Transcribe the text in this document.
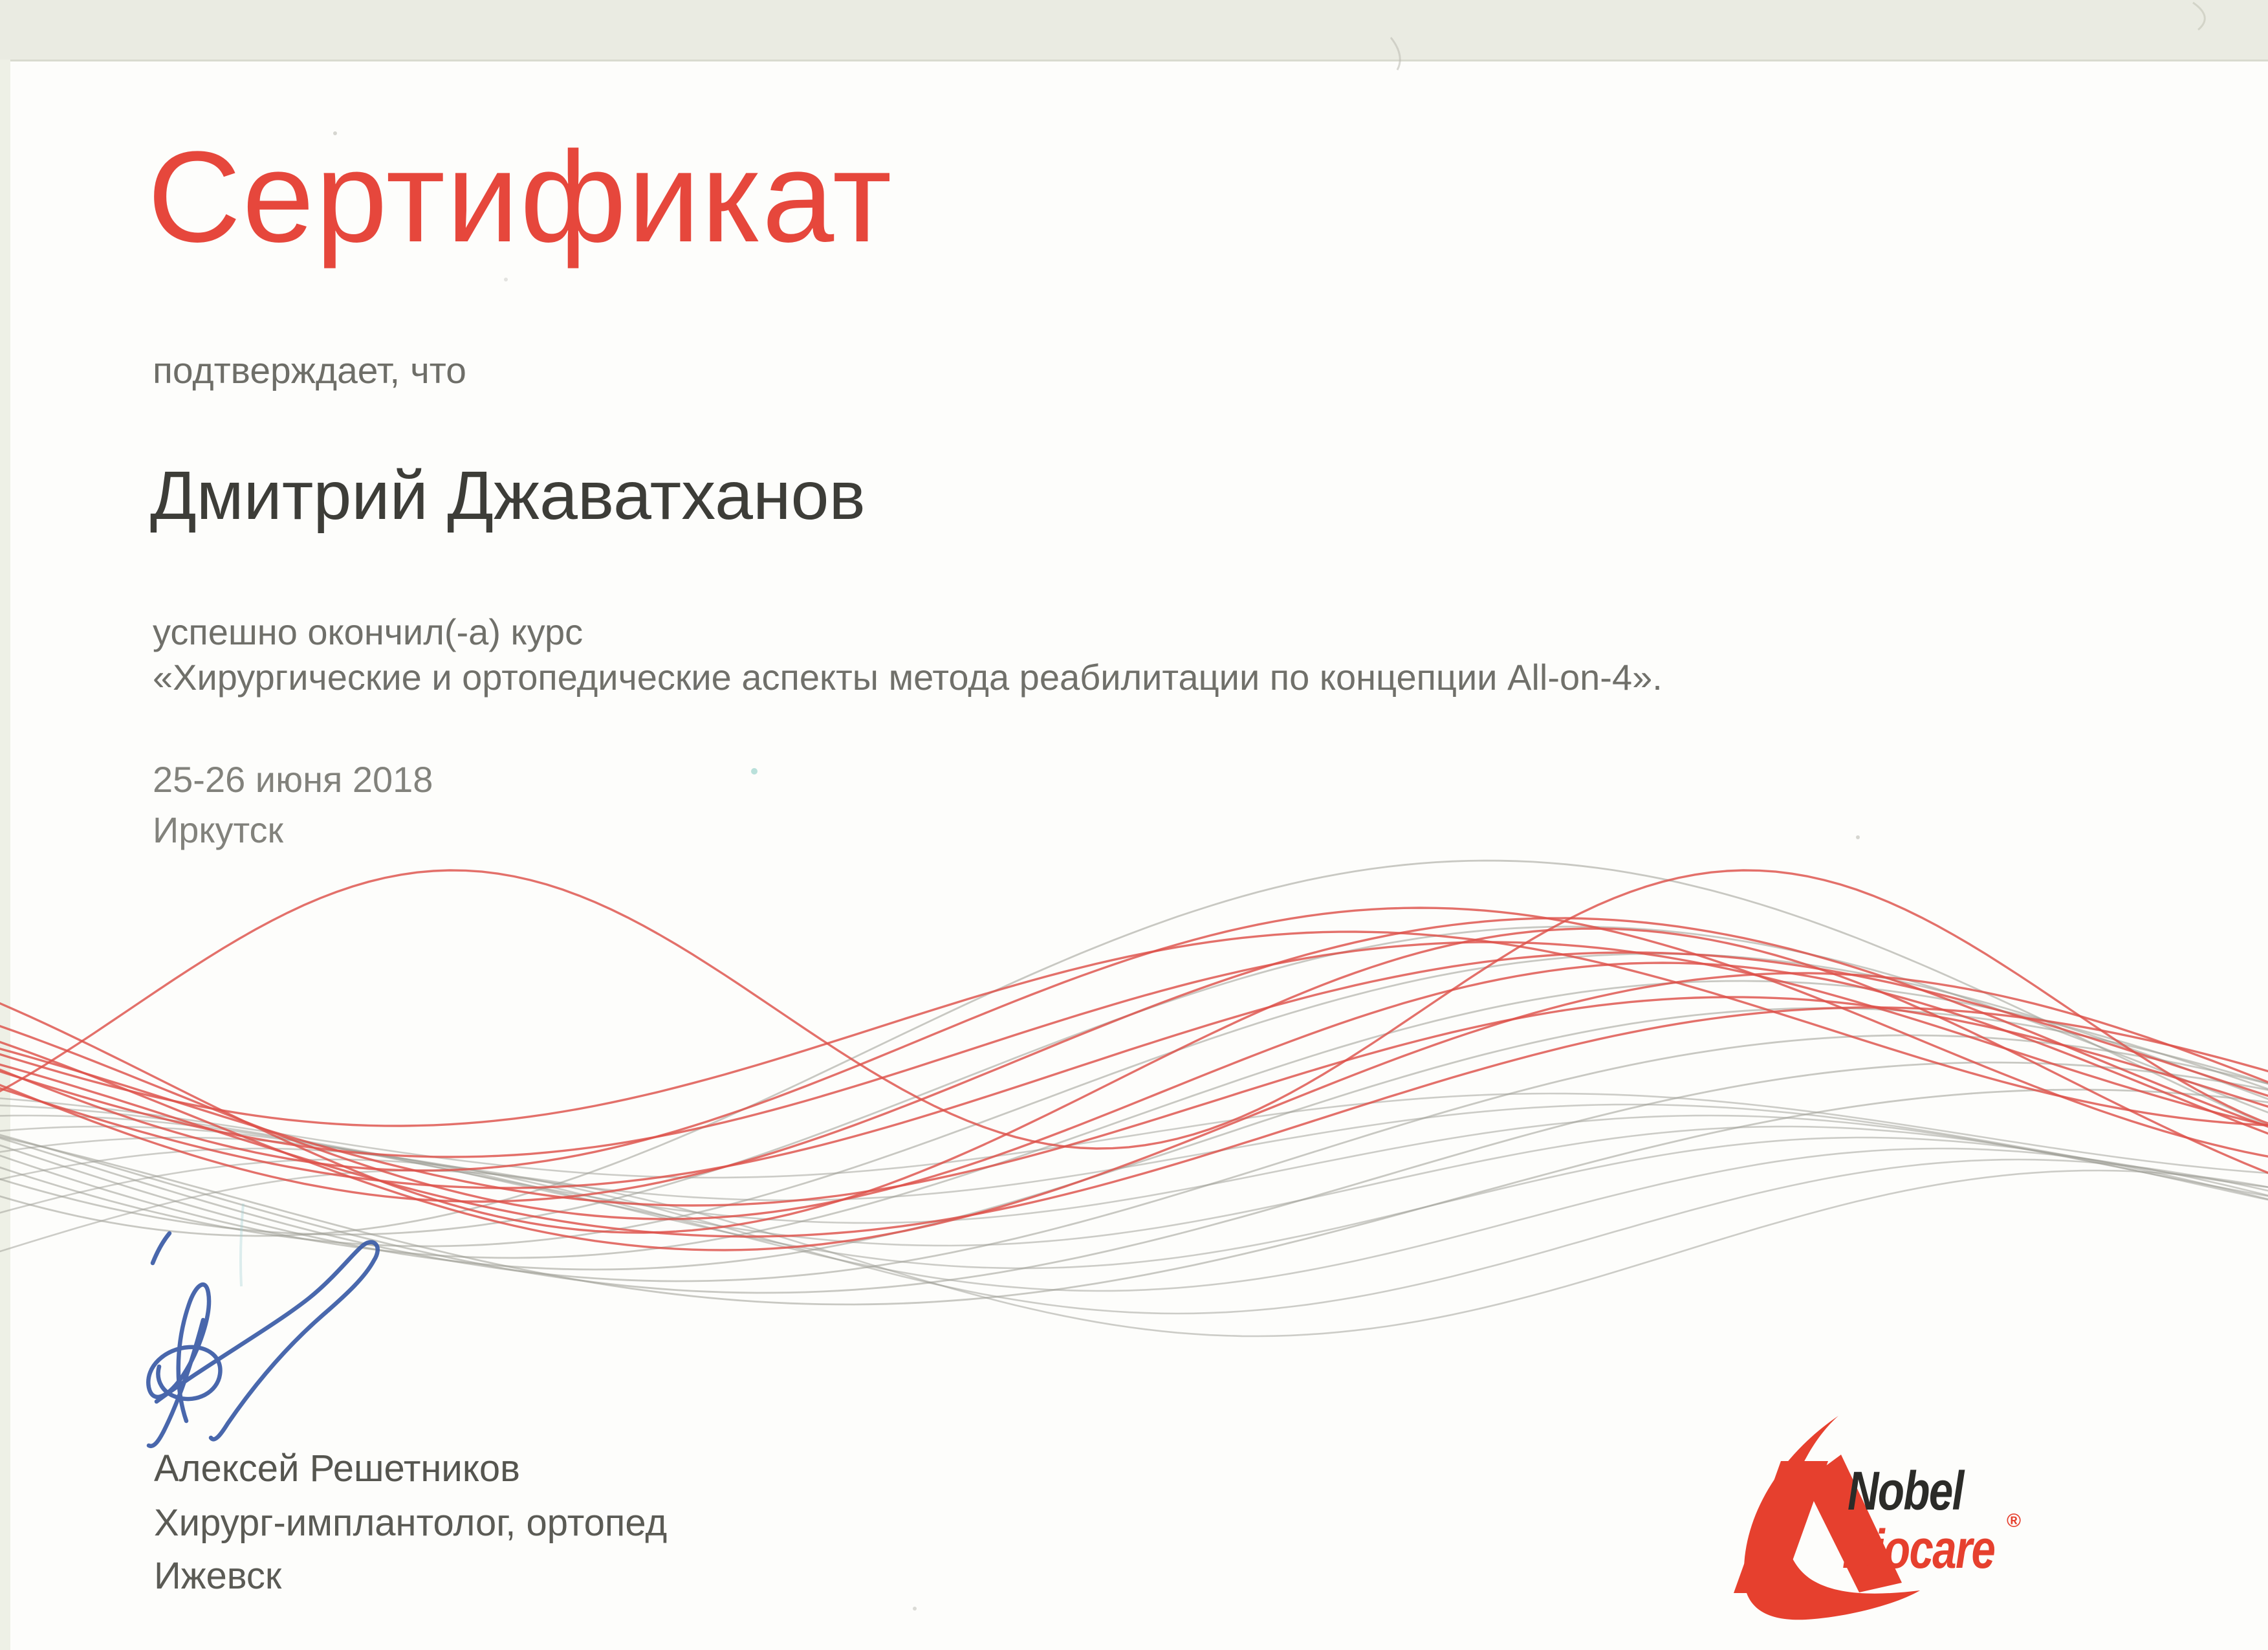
Сертификат
подтверждает, что
Дмитрий Джаватханов
успешно окончил(-а) курс
«Хирургические и ортопедические аспекты метода реабилитации по концепции All-on-4».
25-26 июня 2018
Иркутск
Алексей Решетников
Хирург-имплантолог, ортопед
Ижевск
Nobel
Biocare ®
